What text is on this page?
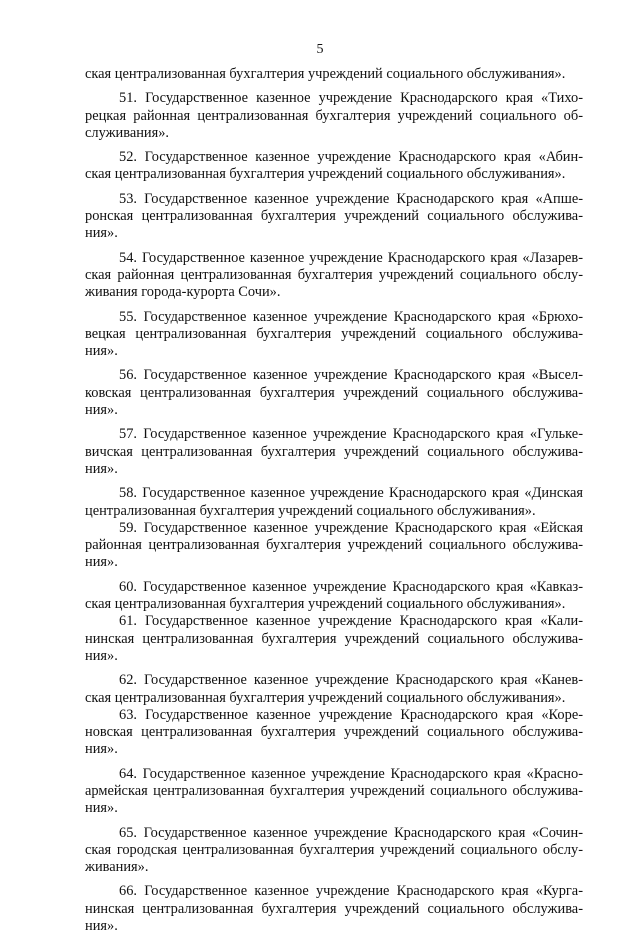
5
ская централизованная бухгалтерия учреждений социального обслуживания».
51. Государственное казенное учреждение Краснодарского края «Тихо-
рецкая районная централизованная бухгалтерия учреждений социального об-
служивания».
52. Государственное казенное учреждение Краснодарского края «Абин-
ская централизованная бухгалтерия учреждений социального обслуживания».
53. Государственное казенное учреждение Краснодарского края «Апше-
ронская централизованная бухгалтерия учреждений социального обслужива-
ния».
54. Государственное казенное учреждение Краснодарского края «Лазарев-
ская районная централизованная бухгалтерия учреждений социального обслу-
живания города-курорта Сочи».
55. Государственное казенное учреждение Краснодарского края «Брюхо-
вецкая централизованная бухгалтерия учреждений социального обслужива-
ния».
56. Государственное казенное учреждение Краснодарского края «Высел-
ковская централизованная бухгалтерия учреждений социального обслужива-
ния».
57. Государственное казенное учреждение Краснодарского края «Гульке-
вичская централизованная бухгалтерия учреждений социального обслужива-
ния».
58. Государственное казенное учреждение Краснодарского края «Динская
централизованная бухгалтерия учреждений социального обслуживания».
59. Государственное казенное учреждение Краснодарского края «Ейская
районная централизованная бухгалтерия учреждений социального обслужива-
ния».
60. Государственное казенное учреждение Краснодарского края «Кавказ-
ская централизованная бухгалтерия учреждений социального обслуживания».
61. Государственное казенное учреждение Краснодарского края «Кали-
нинская централизованная бухгалтерия учреждений социального обслужива-
ния».
62. Государственное казенное учреждение Краснодарского края «Канев-
ская централизованная бухгалтерия учреждений социального обслуживания».
63. Государственное казенное учреждение Краснодарского края «Коре-
новская централизованная бухгалтерия учреждений социального обслужива-
ния».
64. Государственное казенное учреждение Краснодарского края «Красно-
армейская централизованная бухгалтерия учреждений социального обслужива-
ния».
65. Государственное казенное учреждение Краснодарского края «Сочин-
ская городская централизованная бухгалтерия учреждений социального обслу-
живания».
66. Государственное казенное учреждение Краснодарского края «Курга-
нинская централизованная бухгалтерия учреждений социального обслужива-
ния».
